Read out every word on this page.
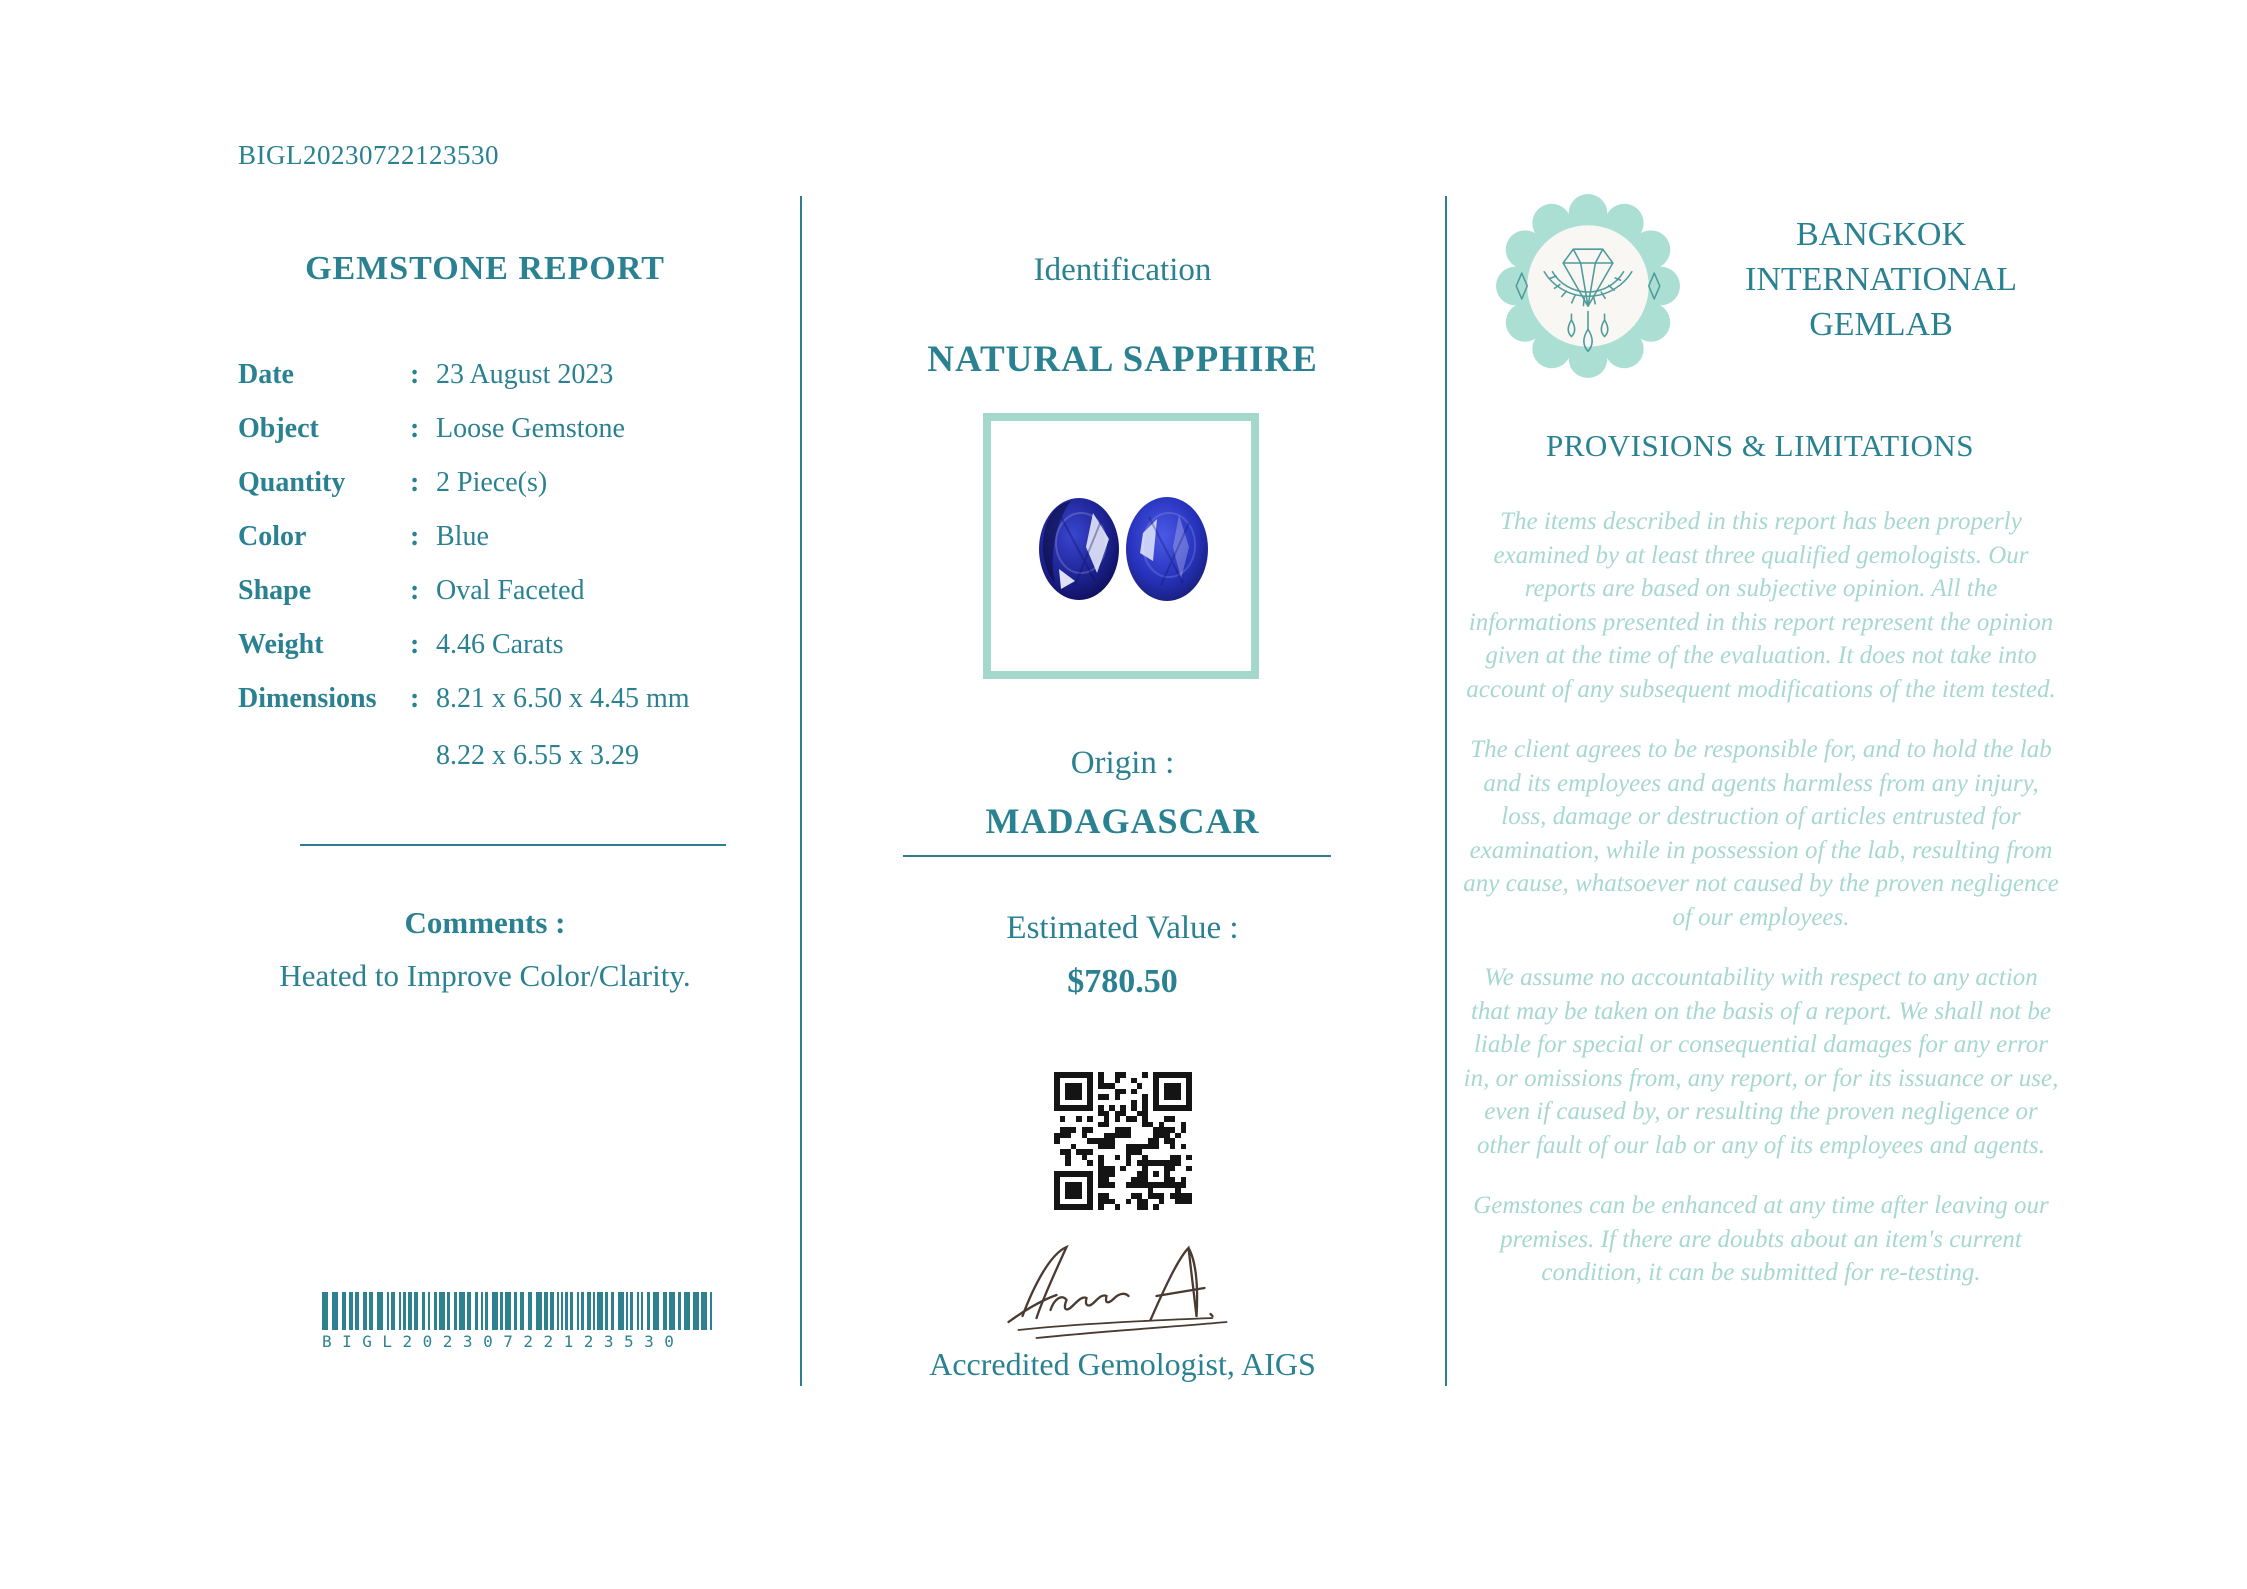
BIGL20230722123530
GEMSTONE REPORT
Date	: 23 August 2023
Object	: Loose Gemstone
Quantity	: 2 Piece(s)
Color	: Blue
Shape	: Oval Faceted
Weight	: 4.46 Carats
Dimensions	: 8.21 x 6.50 x 4.45 mm
8.22 x 6.55 x 3.29
Comments :
Heated to Improve Color/Clarity.
BIGL20230722123530
Identification
NATURAL SAPPHIRE
Origin :
MADAGASCAR
Estimated Value :
$780.50
Accredited Gemologist, AIGS
BANGKOK
INTERNATIONAL
GEMLAB
PROVISIONS & LIMITATIONS

The items described in this report has been properly examined by at least three qualified gemologists. Our reports are based on subjective opinion. All the informations presented in this report represent the opinion given at the time of the evaluation. It does not take into account of any subsequent modifications of the item tested.

The client agrees to be responsible for, and to hold the lab and its employees and agents harmless from any injury, loss, damage or destruction of articles entrusted for examination, while in possession of the lab, resulting from any cause, whatsoever not caused by the proven negligence of our employees.

We assume no accountability with respect to any action that may be taken on the basis of a report. We shall not be liable for special or consequential damages for any error in, or omissions from, any report, or for its issuance or use, even if caused by, or resulting the proven negligence or other fault of our lab or any of its employees and agents.

Gemstones can be enhanced at any time after leaving our premises. If there are doubts about an item's current condition, it can be submitted for re-testing.
